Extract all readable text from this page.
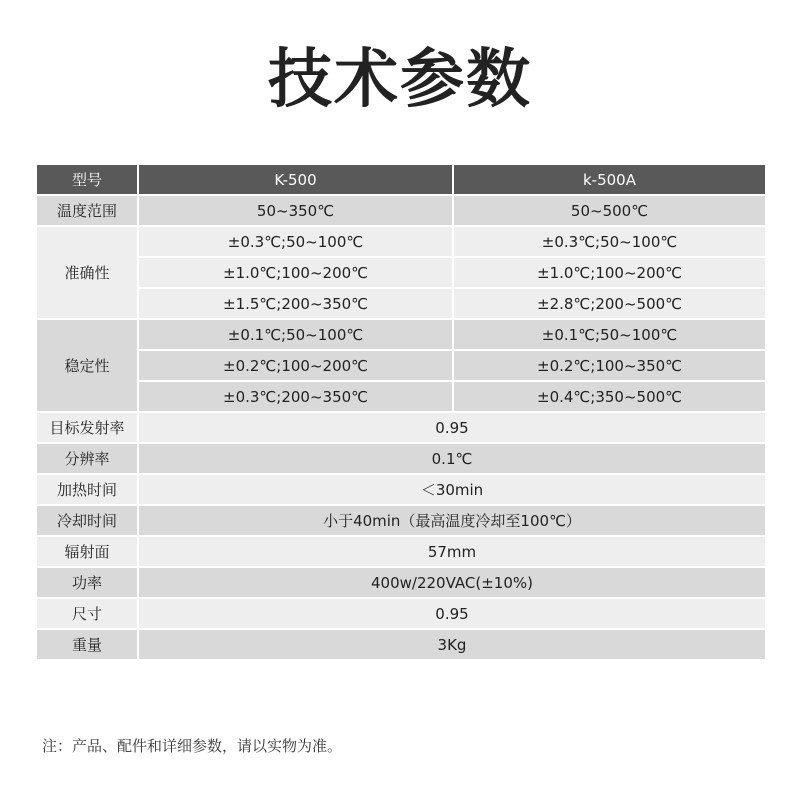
技术参数
型号	K-500	k-500A
温度范围	50~350℃	50~500℃
准确性	±0.3℃;50~100℃	±0.3℃;50~100℃
	±1.0℃;100~200℃	±1.0℃;100~200℃
	±1.5℃;200~350℃	±2.8℃;200~500℃
稳定性	±0.1℃;50~100℃	±0.1℃;50~100℃
	±0.2℃;100~200℃	±0.2℃;100~350℃
	±0.3℃;200~350℃	±0.4℃;350~500℃
目标发射率	0.95	
分辨率	0.1℃	
加热时间	＜30min	
冷却时间	小于40min（最高温度冷却至100℃）	
辐射面	57mm	
功率	400w/220VAC(±10%)	
尺寸	0.95	
重量	3Kg	
注：产品、配件和详细参数，请以实物为准。
